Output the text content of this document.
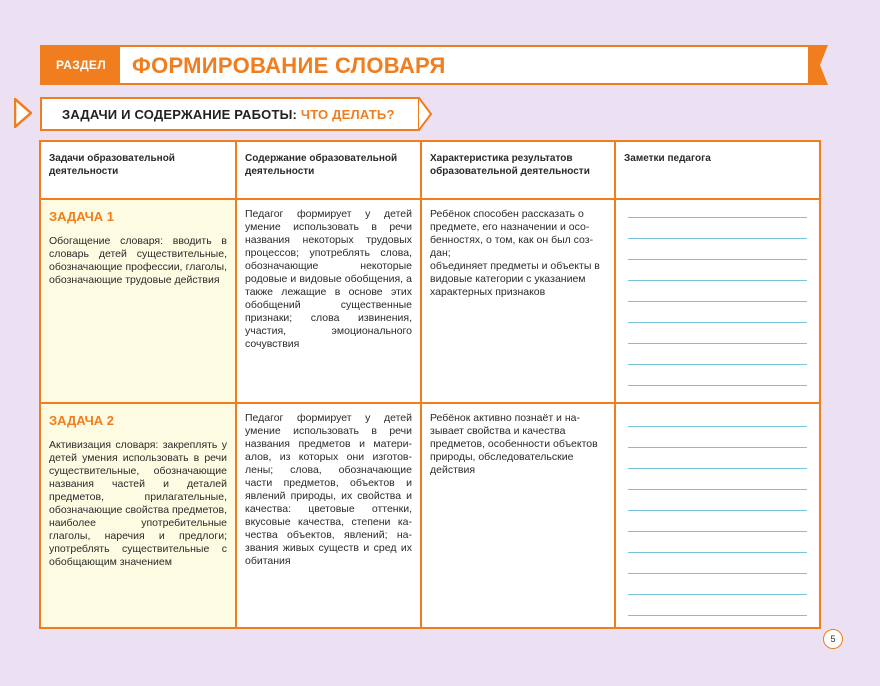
РАЗДЕЛ	ФОРМИРОВАНИЕ СЛОВАРЯ
ЗАДАЧИ И СОДЕРЖАНИЕ РАБОТЫ: ЧТО ДЕЛАТЬ?
Задачи образовательной деятельности
Содержание образовательной деятельности
Характеристика результатов образовательной деятельности
Заметки педагога
ЗАДАЧА 1
Обогащение словаря: вводить в словарь детей существительные, обозначающие профессии, глаголы, обозначающие трудовые действия
Педагог формирует у детей умение использовать в речи названия некоторых трудовых процессов; употреблять слова, обозначающие некоторые родовые и видовые обобщения, а также лежащие в основе этих обобщений существенные признаки; слова извинения, участия, эмоционального сочувствия
Ребёнок способен рассказать о предмете, его назначении и особенностях, о том, как он был создан;
объединяет предметы и объекты в видовые категории с указанием характерных признаков
ЗАДАЧА 2
Активизация словаря: закреплять у детей умения использовать в речи существительные, обозначающие названия частей и деталей предметов, прилагательные, обозначающие свойства предметов, наиболее употребительные глаголы, наречия и предлоги; употреблять существительные с обобщающим значением
Педагог формирует у детей умение использовать в речи названия предметов и материалов, из которых они изготовлены; слова, обозначающие части предметов, объектов и явлений природы, их свойства и качества: цветовые оттенки, вкусовые качества, степени качества объектов, явлений; названия живых существ и сред их обитания
Ребёнок активно познаёт и называет свойства и качества предметов, особенности объектов природы, обследовательские действия
5
